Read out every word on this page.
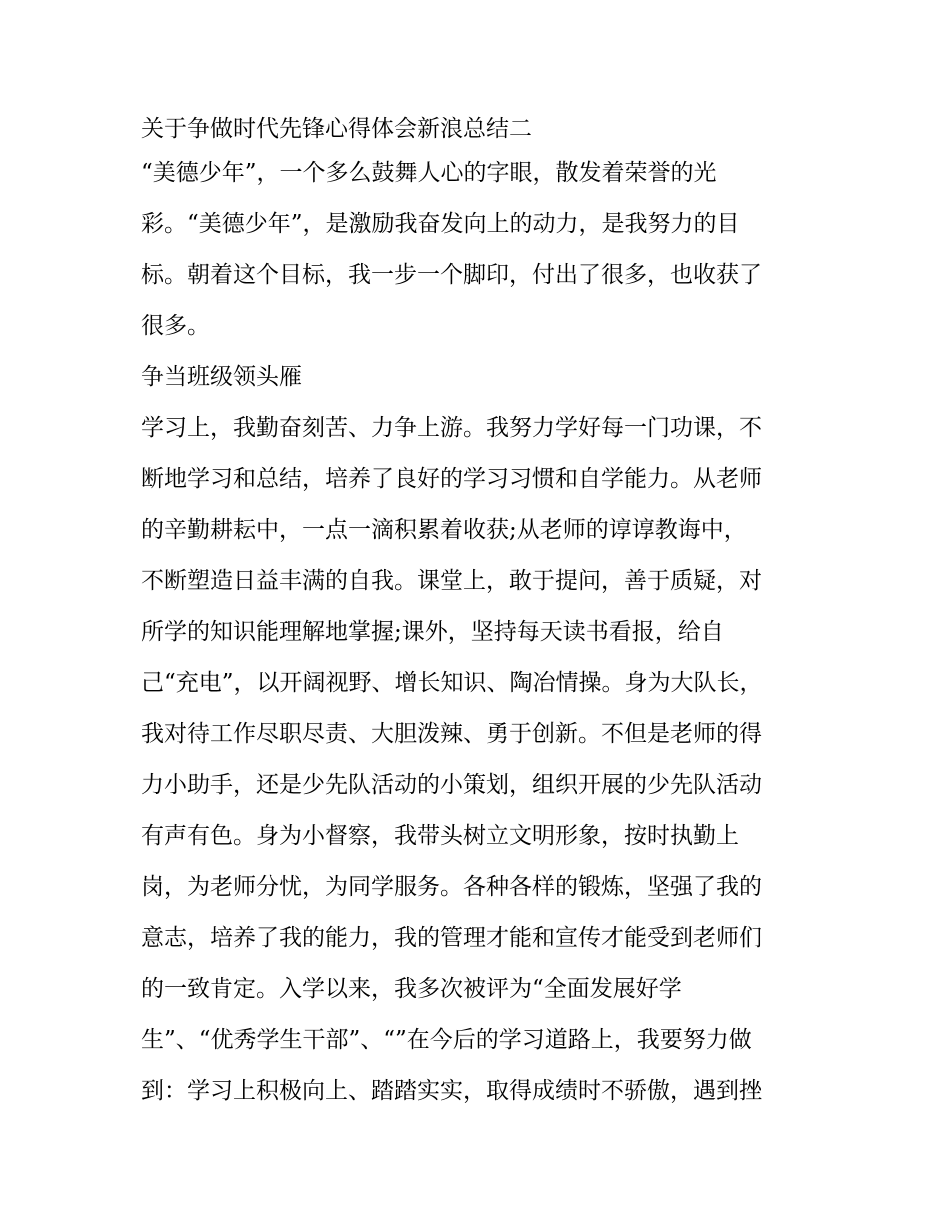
关于争做时代先锋心得体会新浪总结二
“美德少年”，一个多么鼓舞人心的字眼，散发着荣誉的光
彩。“美德少年”，是激励我奋发向上的动力，是我努力的目
标。朝着这个目标，我一步一个脚印，付出了很多，也收获了
很多。
争当班级领头雁
学习上，我勤奋刻苦、力争上游。我努力学好每一门功课，不
断地学习和总结，培养了良好的学习习惯和自学能力。从老师
的辛勤耕耘中，一点一滴积累着收获;从老师的谆谆教诲中，
不断塑造日益丰满的自我。课堂上，敢于提问，善于质疑，对
所学的知识能理解地掌握;课外，坚持每天读书看报，给自
己“充电”，以开阔视野、增长知识、陶冶情操。身为大队长，
我对待工作尽职尽责、大胆泼辣、勇于创新。不但是老师的得
力小助手，还是少先队活动的小策划，组织开展的少先队活动
有声有色。身为小督察，我带头树立文明形象，按时执勤上
岗，为老师分忧，为同学服务。各种各样的锻炼，坚强了我的
意志，培养了我的能力，我的管理才能和宣传才能受到老师们
的一致肯定。入学以来，我多次被评为“全面发展好学
生”、“优秀学生干部”、“”在今后的学习道路上，我要努力做
到：学习上积极向上、踏踏实实，取得成绩时不骄傲，遇到挫
